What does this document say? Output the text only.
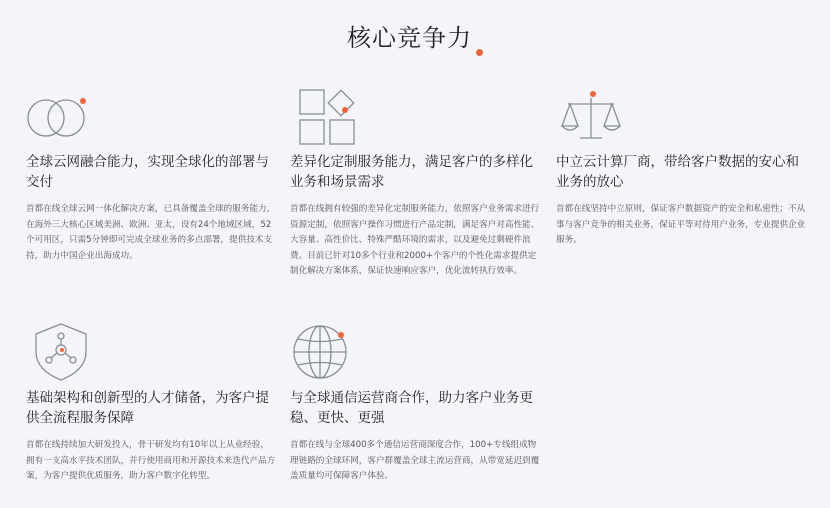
核心竞争力
全球云网融合能力，实现全球化的部署与交付
首都在线全球云网一体化解决方案，已具备覆盖全球的服务能力，在海外三大核心区域美洲、欧洲、亚太，设有24个地域区域，52个可用区，只需5分钟即可完成全球业务的多点部署，提供技术支持，助力中国企业出海成功。
差异化定制服务能力，满足客户的多样化业务和场景需求
首都在线拥有较强的差异化定制服务能力，依照客户业务需求进行资源定制，依照客户操作习惯进行产品定制，满足客户对高性能、大容量、高性价比、特殊严酷环境的需求，以及避免过剩硬件浪费。目前已针对10多个行业和2000+个客户的个性化需求提供定制化解决方案体系，保证快速响应客户，优化流转执行效率。
中立云计算厂商，带给客户数据的安心和业务的放心
首都在线坚持中立原则，保证客户数据资产的安全和私密性；不从事与客户竞争的相关业务，保证平等对待用户业务，专业提供企业服务。
基础架构和创新型的人才储备，为客户提供全流程服务保障
首都在线持续加大研发投入，骨干研发均有10年以上从业经验，拥有一支高水平技术团队，并行使用商用和开源技术来迭代产品方案，为客户提供优质服务，助力客户数字化转型。
与全球通信运营商合作，助力客户业务更稳、更快、更强
首都在线与全球400多个通信运营商深度合作，100+专线组成物理链路的全球环网，客户群覆盖全球主流运营商，从带宽延迟到覆盖质量均可保障客户体验。
